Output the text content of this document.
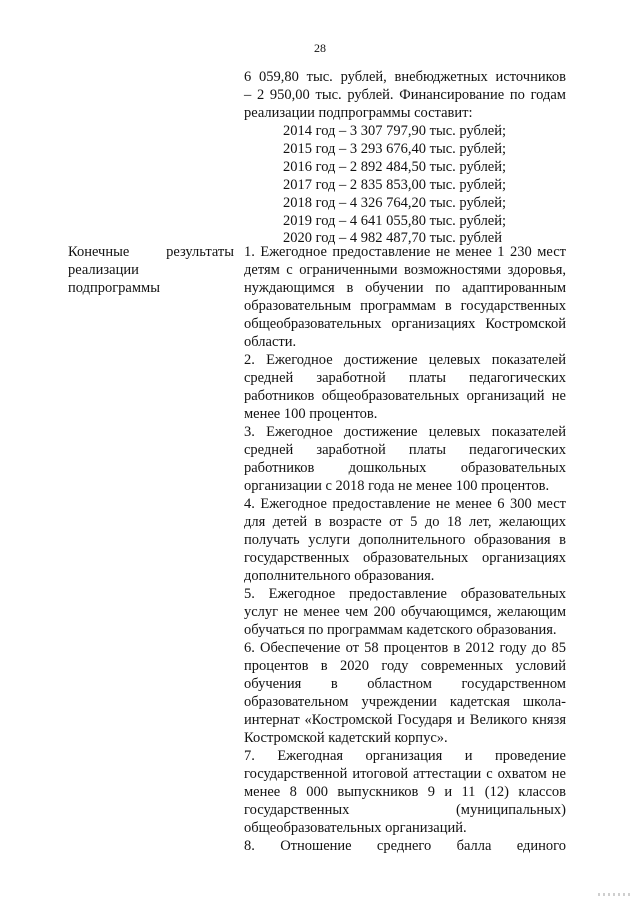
28
6 059,80 тыс. рублей, внебюджетных источников
– 2 950,00 тыс. рублей. Финансирование по годам
реализации подпрограммы составит:
2014 год – 3 307 797,90 тыс. рублей;
2015 год – 3 293 676,40 тыс. рублей;
2016 год – 2 892 484,50 тыс. рублей;
2017 год – 2 835 853,00 тыс. рублей;
2018 год – 4 326 764,20 тыс. рублей;
2019 год – 4 641 055,80 тыс. рублей;
2020 год – 4 982 487,70 тыс. рублей
Конечные	результаты
реализации
подпрограммы
1. Ежегодное предоставление не менее 1 230 мест детям с ограниченными возможностями здоровья, нуждающимся в обучении по адаптированным образовательным программам в государственных общеобразовательных организациях Костромской области.
2. Ежегодное достижение целевых показателей средней заработной платы педагогических работников общеобразовательных организаций не менее 100 процентов.
3. Ежегодное достижение целевых показателей средней заработной платы педагогических работников дошкольных образовательных организации с 2018 года не менее 100 процентов.
4. Ежегодное предоставление не менее 6 300 мест для детей в возрасте от 5 до 18 лет, желающих получать услуги дополнительного образования в государственных образовательных организациях дополнительного образования.
5. Ежегодное предоставление образовательных услуг не менее чем 200 обучающимся, желающим обучаться по программам кадетского образования.
6. Обеспечение от 58 процентов в 2012 году до 85 процентов в 2020 году современных условий обучения в областном государственном образовательном учреждении кадетская школа-интернат «Костромской Государя и Великого князя Костромской кадетский корпус».
7. Ежегодная организация и проведение государственной итоговой аттестации с охватом не менее 8 000 выпускников 9 и 11 (12) классов государственных (муниципальных) общеобразовательных организаций.
8. Отношение среднего балла единого
